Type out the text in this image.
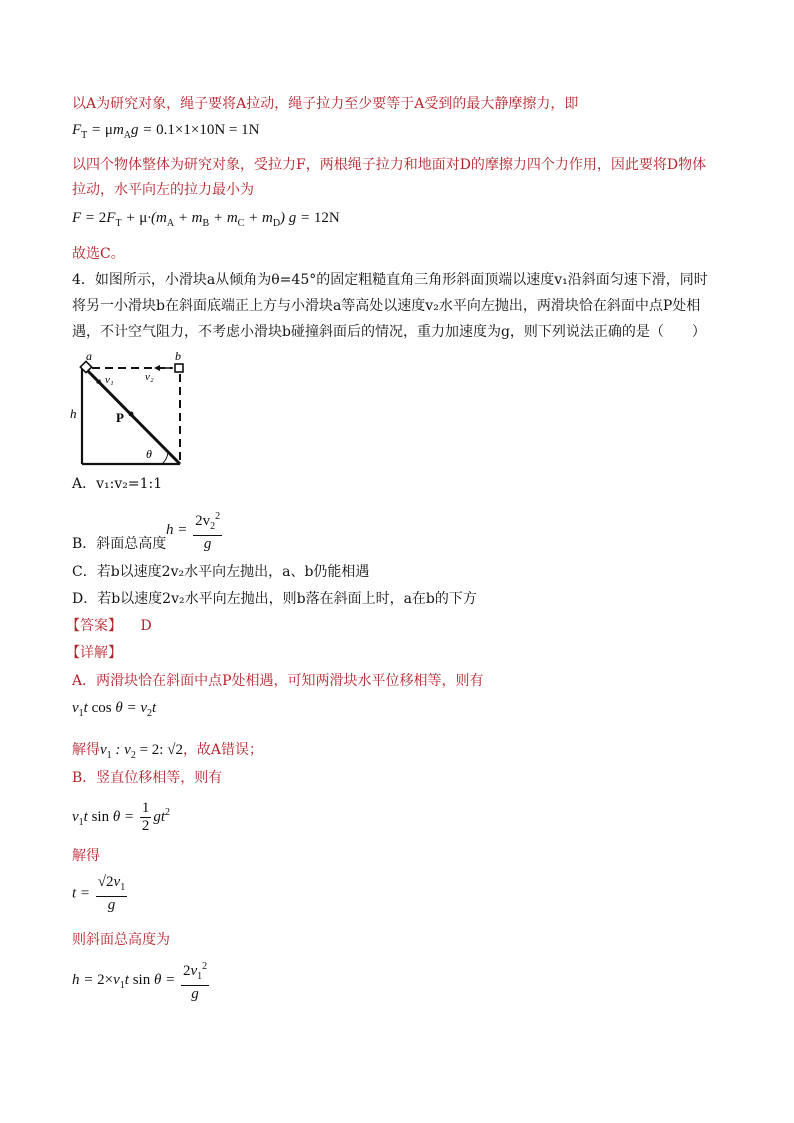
以A为研究对象，绳子要将A拉动，绳子拉力至少要等于A受到的最大静摩擦力，即
$F_T = \mu m_Ag = 0.1\times 1\times 10N = 1N$
以四个物体整体为研究对象，受拉力F，两根绳子拉力和地面对D的摩擦力四个力作用，因此要将D物体
拉动，水平向左的拉力最小为
$F = 2F_T + \mu\cdot(m_A + m_B + m_C + m_D) g = 12N$
故选C。
4．如图所示，小滑块a从倾角为θ=45°的固定粗糙直角三角形斜面顶端以速度v₁沿斜面匀速下滑，同时
将另一小滑块b在斜面底端正上方与小滑块a等高处以速度v₂水平向左抛出，两滑块恰在斜面中点P处相
遇，不计空气阻力，不考虑小滑块b碰撞斜面后的情况，重力加速度为g，则下列说法正确的是（　　）
a	b
v₁	v₂
P
h
θ
A．v₁:v₂=1:1
B．斜面总高度
$h = \frac{2v_2^2}{g}$
C．若b以速度2v₂水平向左抛出，a、b仍能相遇
D．若b以速度2v₂水平向左抛出，则b落在斜面上时，a在b的下方
【答案】 D
【详解】
A．两滑块恰在斜面中点P处相遇，可知两滑块水平位移相等，则有
$v_1t$ $\cos \theta = v_2t$
解得$v_1$ : $v_2 = 2$: √2，故A错误；
B．竖直位移相等，则有
$v_1t$ $\sin \theta = \frac{1}{2} gt^2$
解得
$t = \frac{√2v_1}{g}$
则斜面总高度为
$h = 2\times v_1t$ $\sin \theta = \frac{2v_1^2}{g}$
